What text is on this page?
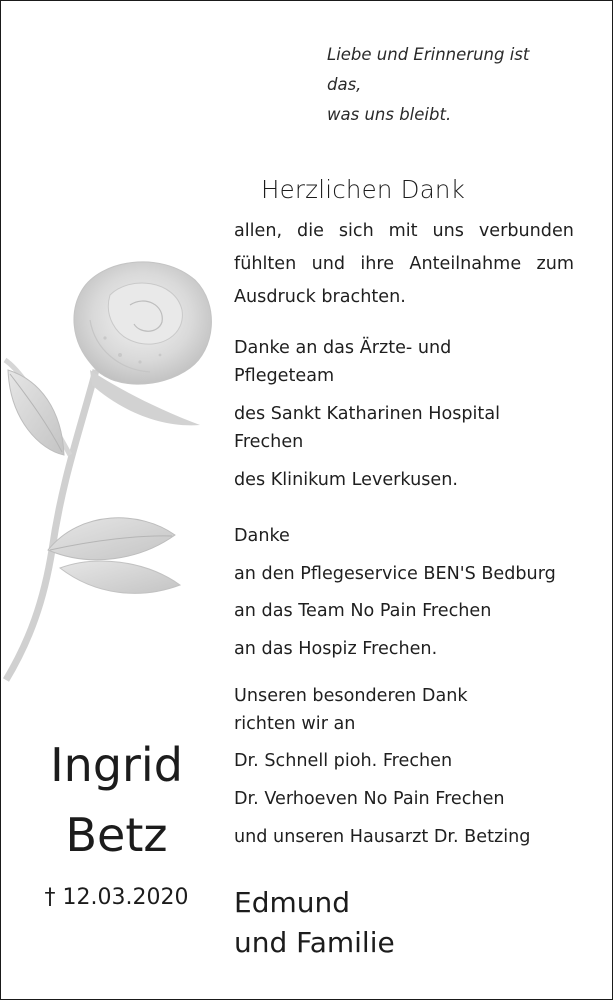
Liebe und Erinnerung ist das,
was uns bleibt.
Herzlichen Dank
allen, die sich mit uns verbunden
fühlten und ihre Anteilnahme zum
Ausdruck brachten.
Danke an das Ärzte- und
Pflegeteam
des Sankt Katharinen Hospital
Frechen
des Klinikum Leverkusen.
Danke
an den Pflegeservice BEN'S Bedburg
an das Team No Pain Frechen
an das Hospiz Frechen.
Unseren besonderen Dank
richten wir an
Dr. Schnell pioh. Frechen
Dr. Verhoeven No Pain Frechen
und unseren Hausarzt Dr. Betzing
Ingrid
Betz
† 12.03.2020	Edmund
und Familie
